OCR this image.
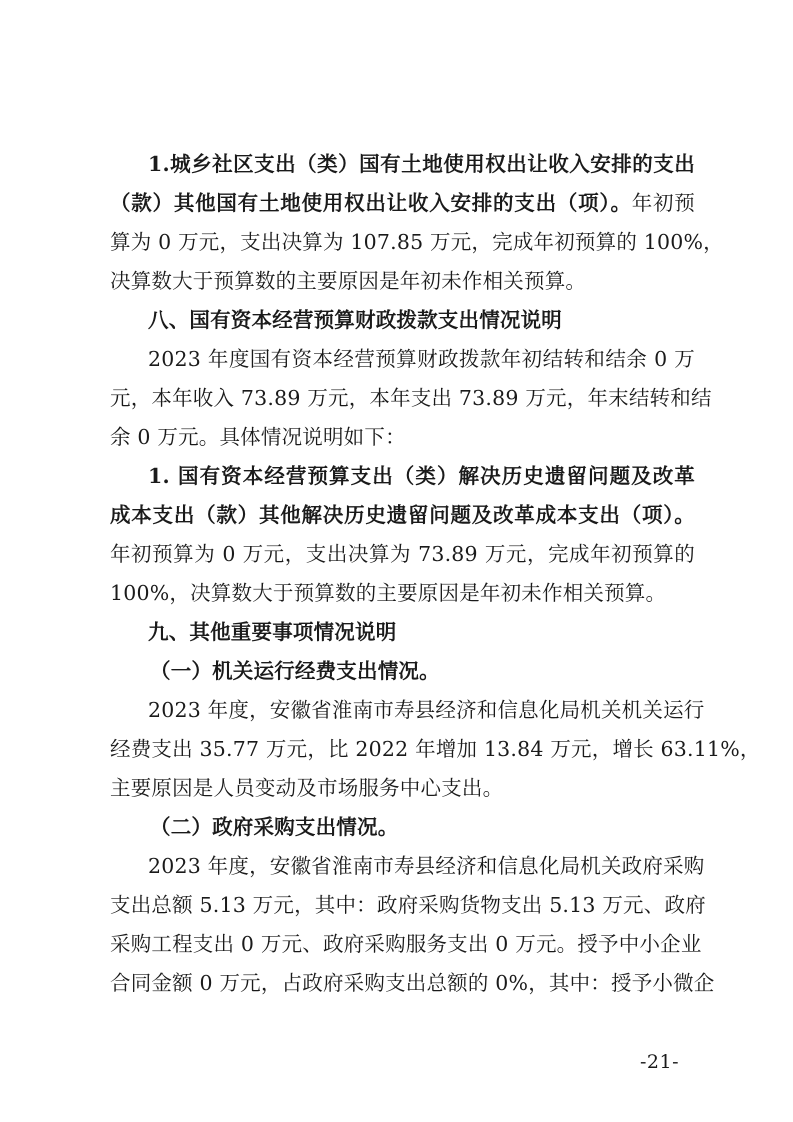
1.城乡社区支出（类）国有土地使用权出让收入安排的支出
（款）其他国有土地使用权出让收入安排的支出（项）。年初预
算为 0 万元，支出决算为 107.85 万元，完成年初预算的 100%，
决算数大于预算数的主要原因是年初未作相关预算。
八、国有资本经营预算财政拨款支出情况说明
2023 年度国有资本经营预算财政拨款年初结转和结余 0 万
元，本年收入 73.89 万元，本年支出 73.89 万元，年末结转和结
余 0 万元。具体情况说明如下：
1. 国有资本经营预算支出（类）解决历史遗留问题及改革
成本支出（款）其他解决历史遗留问题及改革成本支出（项）。
年初预算为 0 万元，支出决算为 73.89 万元，完成年初预算的
100%，决算数大于预算数的主要原因是年初未作相关预算。
九、其他重要事项情况说明
（一）机关运行经费支出情况。
2023 年度，安徽省淮南市寿县经济和信息化局机关机关运行
经费支出 35.77 万元，比 2022 年增加 13.84 万元，增长 63.11%，
主要原因是人员变动及市场服务中心支出。
（二）政府采购支出情况。
2023 年度，安徽省淮南市寿县经济和信息化局机关政府采购
支出总额 5.13 万元，其中：政府采购货物支出 5.13 万元、政府
采购工程支出 0 万元、政府采购服务支出 0 万元。授予中小企业
合同金额 0 万元，占政府采购支出总额的 0%，其中：授予小微企
-21-
